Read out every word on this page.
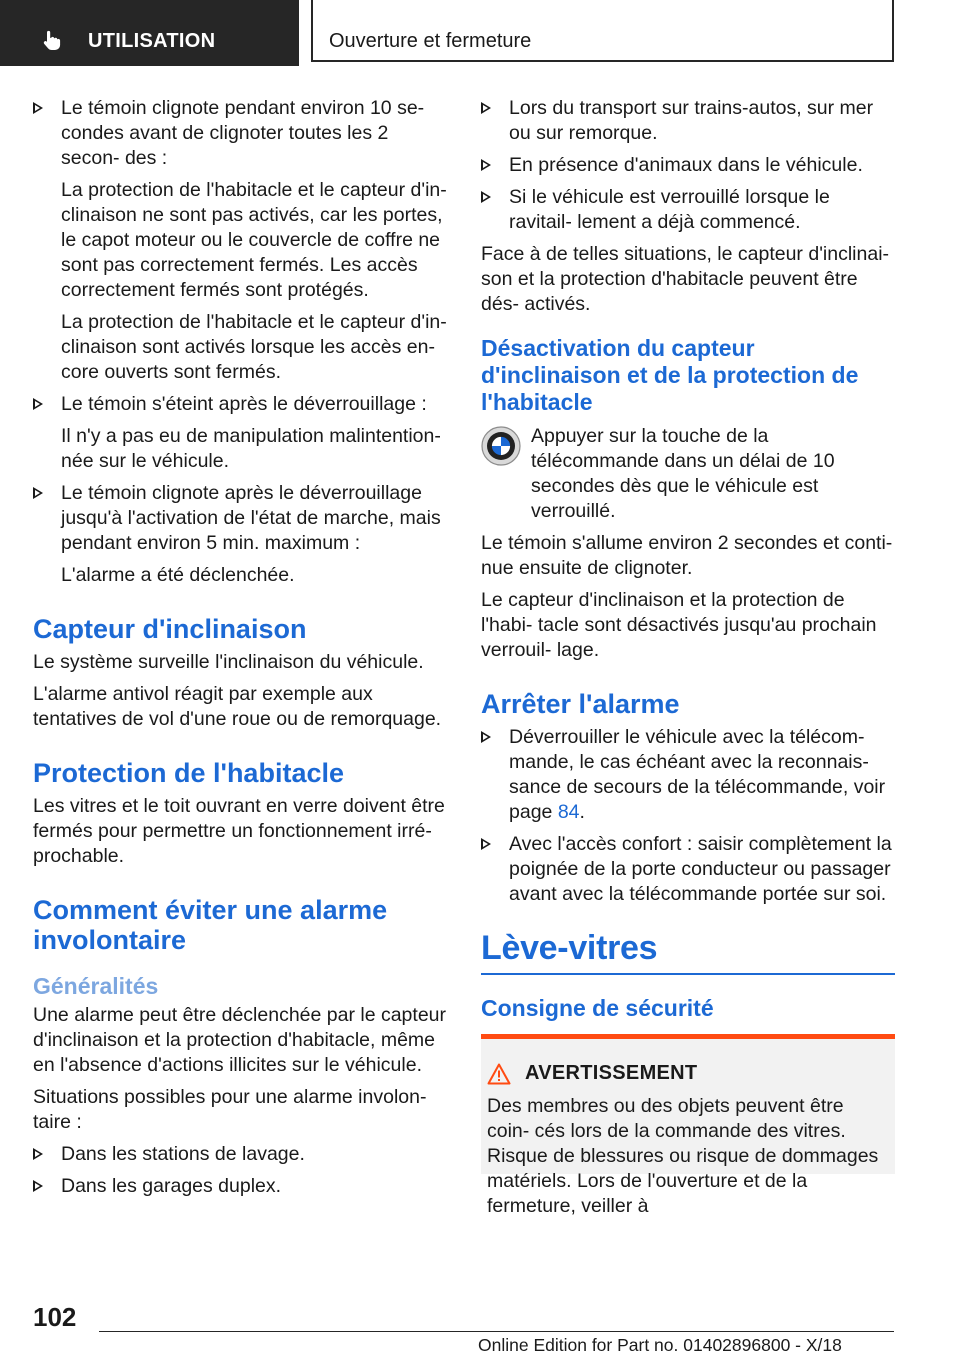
UTILISATION	Ouverture et fermeture
Le témoin clignote pendant environ 10 se- condes avant de clignoter toutes les 2 secon- des :

La protection de l'habitacle et le capteur d'in- clinaison ne sont pas activés, car les portes, le capot moteur ou le couvercle de coffre ne sont pas correctement fermés. Les accès correctement fermés sont protégés.

La protection de l'habitacle et le capteur d'in- clinaison sont activés lorsque les accès en- core ouverts sont fermés.

Le témoin s'éteint après le déverrouillage :

Il n'y a pas eu de manipulation malintention- née sur le véhicule.

Le témoin clignote après le déverrouillage jusqu'à l'activation de l'état de marche, mais pendant environ 5 min. maximum :

L'alarme a été déclenchée.

Capteur d'inclinaison

Le système surveille l'inclinaison du véhicule.

L'alarme antivol réagit par exemple aux tentatives de vol d'une roue ou de remorquage.

Protection de l'habitacle

Les vitres et le toit ouvrant en verre doivent être fermés pour permettre un fonctionnement irré- prochable.

Comment éviter une alarme involontaire
Généralités

Une alarme peut être déclenchée par le capteur d'inclinaison et la protection d'habitacle, même en l'absence d'actions illicites sur le véhicule.

Situations possibles pour une alarme involon- taire :

Dans les stations de lavage.
Dans les garages duplex.
Lors du transport sur trains-autos, sur mer ou sur remorque.
En présence d'animaux dans le véhicule.
Si le véhicule est verrouillé lorsque le ravitail- lement a déjà commencé.

Face à de telles situations, le capteur d'inclinai- son et la protection d'habitacle peuvent être dés- activés.

Désactivation du capteur d'inclinaison et de la protection de l'habitacle

Appuyer sur la touche de la télécommande dans un délai de 10 secondes dès que le véhicule est verrouillé.

Le témoin s'allume environ 2 secondes et conti- nue ensuite de clignoter.

Le capteur d'inclinaison et la protection de l'habi- tacle sont désactivés jusqu'au prochain verrouil- lage.

Arrêter l'alarme
Déverrouiller le véhicule avec la télécom- mande, le cas échéant avec la reconnais- sance de secours de la télécommande, voir page 84.
Avec l'accès confort : saisir complètement la poignée de la porte conducteur ou passager avant avec la télécommande portée sur soi.
Lève-vitres
Consigne de sécurité
AVERTISSEMENT

Des membres ou des objets peuvent être coin- cés lors de la commande des vitres. Risque de blessures ou risque de dommages matériels. Lors de l'ouverture et de la fermeture, veiller à

102
Online Edition for Part no. 01402896800 - X/18
